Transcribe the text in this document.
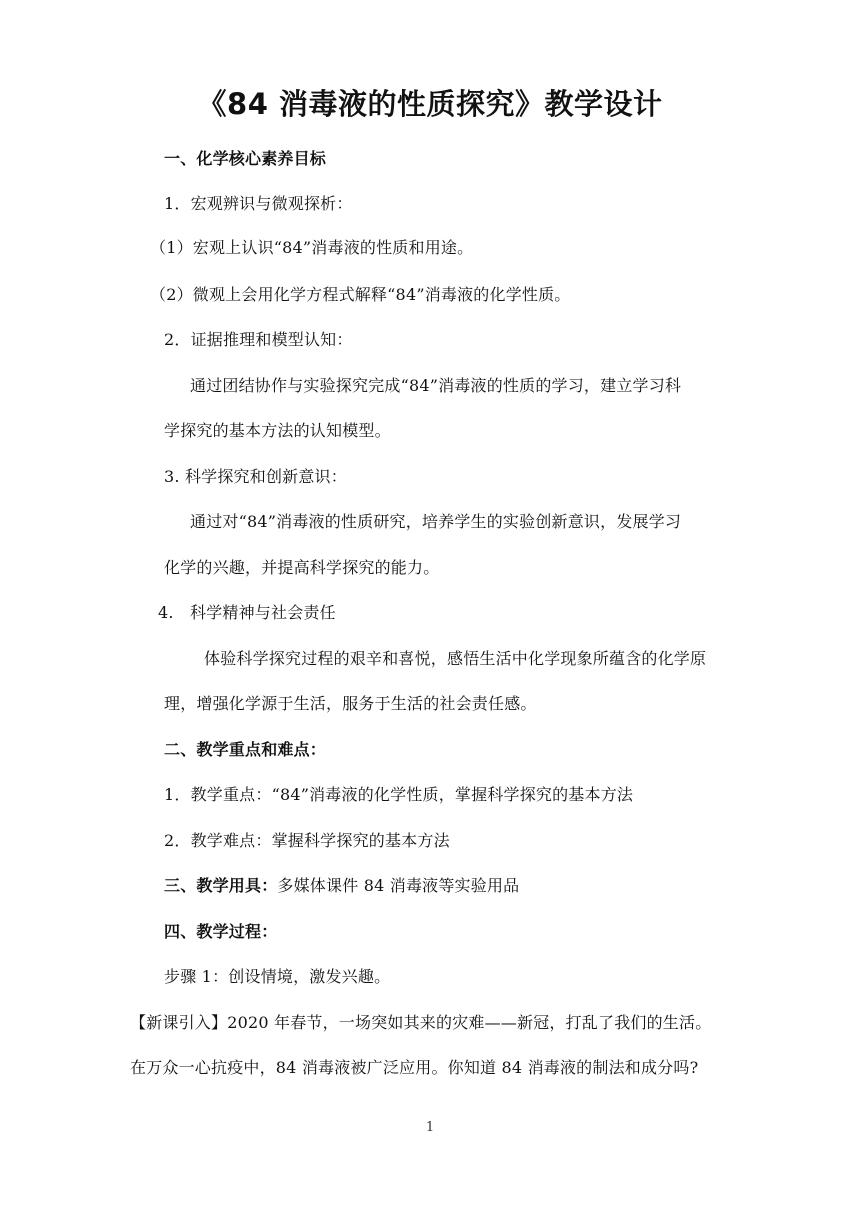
《84 消毒液的性质探究》教学设计
一、化学核心素养目标
1．宏观辨识与微观探析：
（1）宏观上认识“84”消毒液的性质和用途。
（2）微观上会用化学方程式解释“84”消毒液的化学性质。
2．证据推理和模型认知：
通过团结协作与实验探究完成“84”消毒液的性质的学习，建立学习科
学探究的基本方法的认知模型。
3. 科学探究和创新意识：
通过对“84”消毒液的性质研究，培养学生的实验创新意识，发展学习
化学的兴趣，并提高科学探究的能力。
4. 科学精神与社会责任
体验科学探究过程的艰辛和喜悦，感悟生活中化学现象所蕴含的化学原
理，增强化学源于生活，服务于生活的社会责任感。
二、教学重点和难点：
1．教学重点：“84”消毒液的化学性质，掌握科学探究的基本方法
2．教学难点：掌握科学探究的基本方法
三、教学用具：多媒体课件 84 消毒液等实验用品
四、教学过程：
步骤 1：创设情境，激发兴趣。
【新课引入】2020 年春节，一场突如其来的灾难——新冠，打乱了我们的生活。
在万众一心抗疫中，84 消毒液被广泛应用。你知道 84 消毒液的制法和成分吗?
1
